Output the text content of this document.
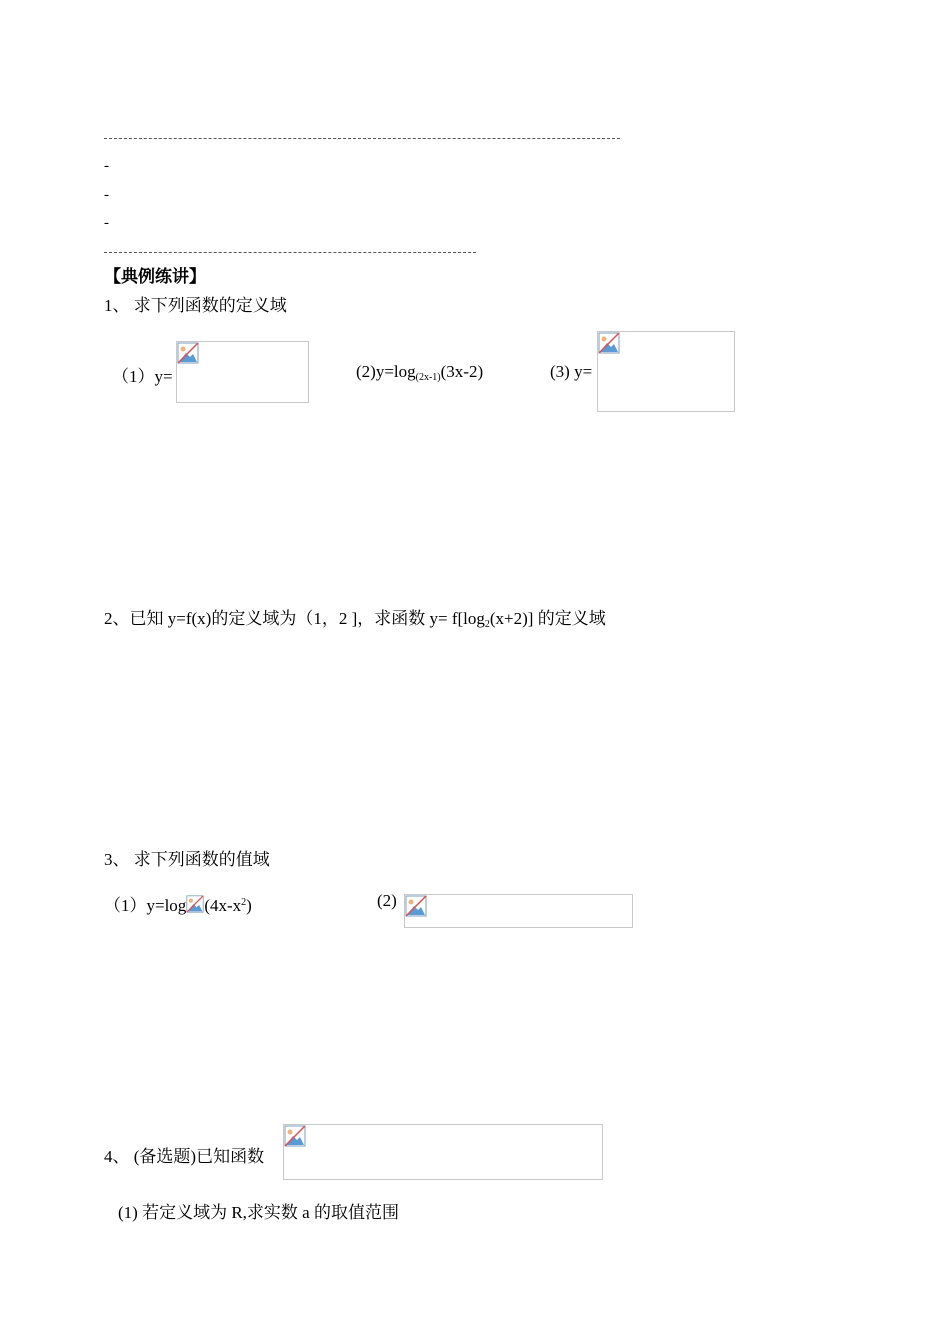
-
-
-
【典例练讲】
1、 求下列函数的定义域
（1）y=	$(2)y=\log_{(2x-1)}(3x-2)$	(3) y=
2、已知 y=f(x)的定义域为（1，2 ]，求函数 $y= f[\log_2(x+2)]$ 的定义域
3、 求下列函数的值域
（1）y=log $(4x-x^2)$	(2)
4、 (备选题)已知函数
(1) 若定义域为 R,求实数 a 的取值范围
